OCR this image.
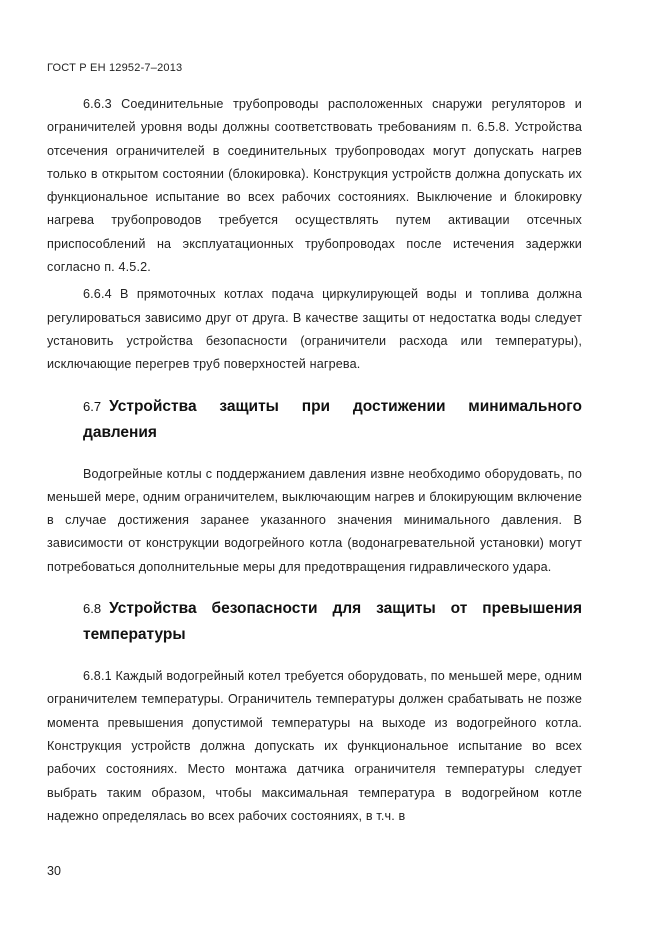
ГОСТ Р ЕН 12952-7–2013

6.6.3 Соединительные трубопроводы расположенных снаружи регуляторов и ограничителей уровня воды должны соответствовать требованиям п. 6.5.8. Устройства отсечения ограничителей в соединительных трубопроводах могут допускать нагрев только в открытом состоянии (блокировка). Конструкция устройств должна допускать их функциональное испытание во всех рабочих состояниях. Выключение и блокировку нагрева трубопроводов требуется осуществлять путем активации отсечных приспособлений на эксплуатационных трубопроводах после истечения задержки согласно п. 4.5.2.

6.6.4 В прямоточных котлах подача циркулирующей воды и топлива должна регулироваться зависимо друг от друга. В качестве защиты от недостатка воды следует установить устройства безопасности (ограничители расхода или температуры), исключающие перегрев труб поверхностей нагрева.

6.7 Устройства защиты при достижении минимального давления

Водогрейные котлы с поддержанием давления извне необходимо оборудовать, по меньшей мере, одним ограничителем, выключающим нагрев и блокирующим включение в случае достижения заранее указанного значения минимального давления. В зависимости от конструкции водогрейного котла (водонагревательной установки) могут потребоваться дополнительные меры для предотвращения гидравлического удара.

6.8 Устройства безопасности для защиты от превышения температуры

6.8.1 Каждый водогрейный котел требуется оборудовать, по меньшей мере, одним ограничителем температуры. Ограничитель температуры должен срабатывать не позже момента превышения допустимой температуры на выходе из водогрейного котла. Конструкция устройств должна допускать их функциональное испытание во всех рабочих состояниях. Место монтажа датчика ограничителя температуры следует выбрать таким образом, чтобы максимальная температура в водогрейном котле надежно определялась во всех рабочих состояниях, в т.ч. в

30
